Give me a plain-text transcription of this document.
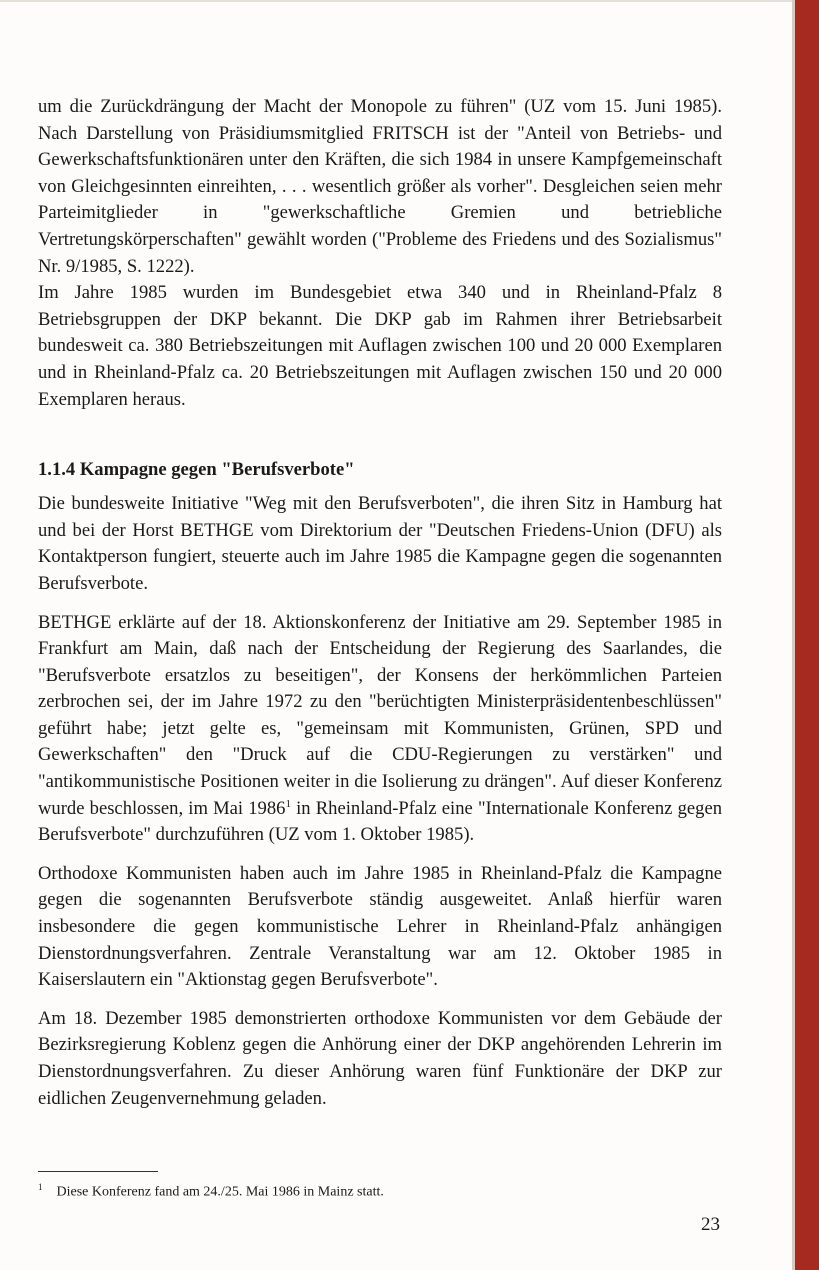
um die Zurückdrängung der Macht der Monopole zu führen" (UZ vom 15. Juni 1985). Nach Darstellung von Präsidiumsmitglied FRITSCH ist der "Anteil von Betriebs- und Gewerkschaftsfunktionären unter den Kräften, die sich 1984 in unsere Kampfgemeinschaft von Gleichgesinnten einreihten, . . . wesentlich größer als vorher". Desgleichen seien mehr Parteimitglieder in "gewerkschaftliche Gremien und betriebliche Vertretungskörperschaften" gewählt worden ("Probleme des Friedens und des Sozialismus" Nr. 9/1985, S. 1222).

Im Jahre 1985 wurden im Bundesgebiet etwa 340 und in Rheinland-Pfalz 8 Betriebsgruppen der DKP bekannt. Die DKP gab im Rahmen ihrer Betriebsarbeit bundesweit ca. 380 Betriebszeitungen mit Auflagen zwischen 100 und 20 000 Exemplaren und in Rheinland-Pfalz ca. 20 Betriebszeitungen mit Auflagen zwischen 150 und 20 000 Exemplaren heraus.

1.1.4 Kampagne gegen "Berufsverbote"

Die bundesweite Initiative "Weg mit den Berufsverboten", die ihren Sitz in Hamburg hat und bei der Horst BETHGE vom Direktorium der "Deutschen Friedens-Union (DFU) als Kontaktperson fungiert, steuerte auch im Jahre 1985 die Kampagne gegen die sogenannten Berufsverbote.

BETHGE erklärte auf der 18. Aktionskonferenz der Initiative am 29. September 1985 in Frankfurt am Main, daß nach der Entscheidung der Regierung des Saarlandes, die "Berufsverbote ersatzlos zu beseitigen", der Konsens der herkömmlichen Parteien zerbrochen sei, der im Jahre 1972 zu den "berüchtigten Ministerpräsidentenbeschlüssen" geführt habe; jetzt gelte es, "gemeinsam mit Kommunisten, Grünen, SPD und Gewerkschaften" den "Druck auf die CDU-Regierungen zu verstärken" und "antikommunistische Positionen weiter in die Isolierung zu drängen". Auf dieser Konferenz wurde beschlossen, im Mai 1986$^1$ in Rheinland-Pfalz eine "Internationale Konferenz gegen Berufsverbote" durchzuführen (UZ vom 1. Oktober 1985).

Orthodoxe Kommunisten haben auch im Jahre 1985 in Rheinland-Pfalz die Kampagne gegen die sogenannten Berufsverbote ständig ausgeweitet. Anlaß hierfür waren insbesondere die gegen kommunistische Lehrer in Rheinland-Pfalz anhängigen Dienstordnungsverfahren. Zentrale Veranstaltung war am 12. Oktober 1985 in Kaiserslautern ein "Aktionstag gegen Berufsverbote".

Am 18. Dezember 1985 demonstrierten orthodoxe Kommunisten vor dem Gebäude der Bezirksregierung Koblenz gegen die Anhörung einer der DKP angehörenden Lehrerin im Dienstordnungsverfahren. Zu dieser Anhörung waren fünf Funktionäre der DKP zur eidlichen Zeugenvernehmung geladen.

$^1$ Diese Konferenz fand am 24./25. Mai 1986 in Mainz statt.
23
